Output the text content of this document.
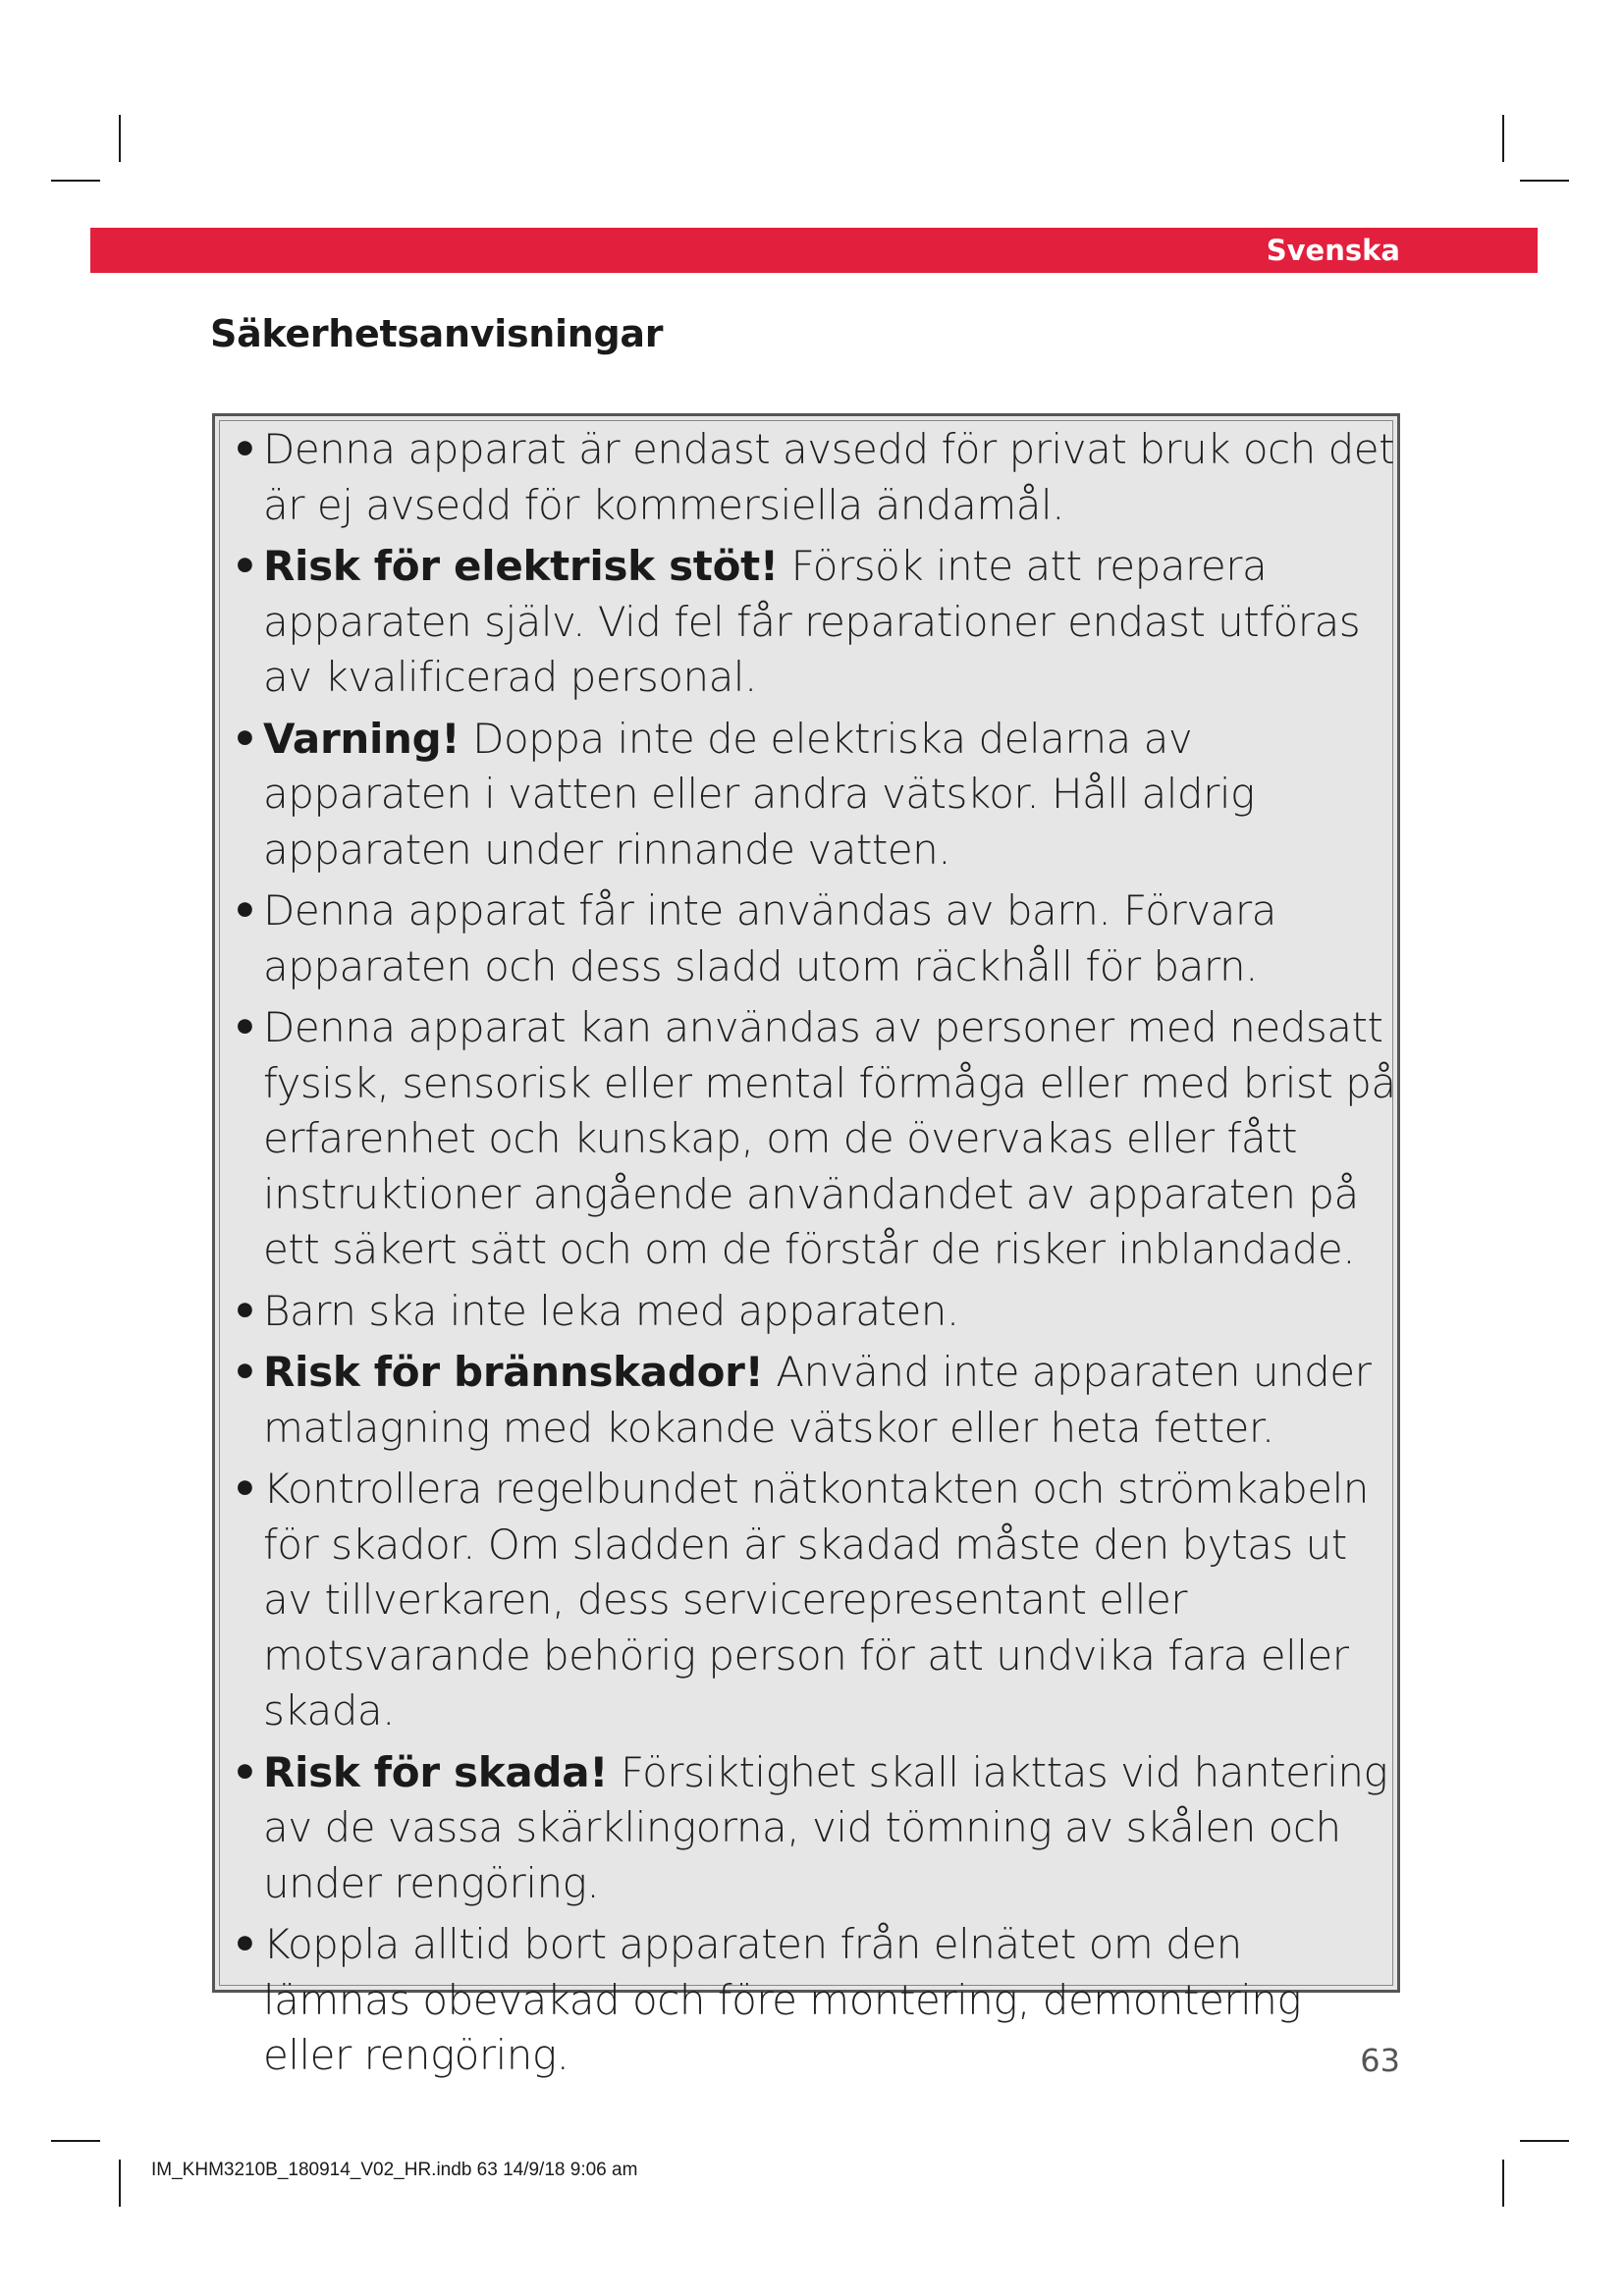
Svenska
Säkerhetsanvisningar
• Denna apparat är endast avsedd för privat bruk och det är ej avsedd för kommersiella ändamål.
• Risk för elektrisk stöt! Försök inte att reparera apparaten själv. Vid fel får reparationer endast utföras av kvalificerad personal.
• Varning! Doppa inte de elektriska delarna av apparaten i vatten eller andra vätskor. Håll aldrig apparaten under rinnande vatten.
• Denna apparat får inte användas av barn. Förvara apparaten och dess sladd utom räckhåll för barn.
• Denna apparat kan användas av personer med nedsatt fysisk, sensorisk eller mental förmåga eller med brist på erfarenhet och kunskap, om de övervakas eller fått instruktioner angående användandet av apparaten på ett säkert sätt och om de förstår de risker inblandade.
• Barn ska inte leka med apparaten.
• Risk för brännskador! Använd inte apparaten under matlagning med kokande vätskor eller heta fetter.
• Kontrollera regelbundet nätkontakten och strömkabeln för skador. Om sladden är skadad måste den bytas ut av tillverkaren, dess servicerepresentant eller motsvarande behörig person för att undvika fara eller skada.
• Risk för skada! Försiktighet skall iakttas vid hantering av de vassa skärklingorna, vid tömning av skålen och under rengöring.
• Koppla alltid bort apparaten från elnätet om den lämnas obevakad och före montering, demontering eller rengöring.	63
IM_KHM3210B_180914_V02_HR.indb 63 14/9/18 9:06 am
